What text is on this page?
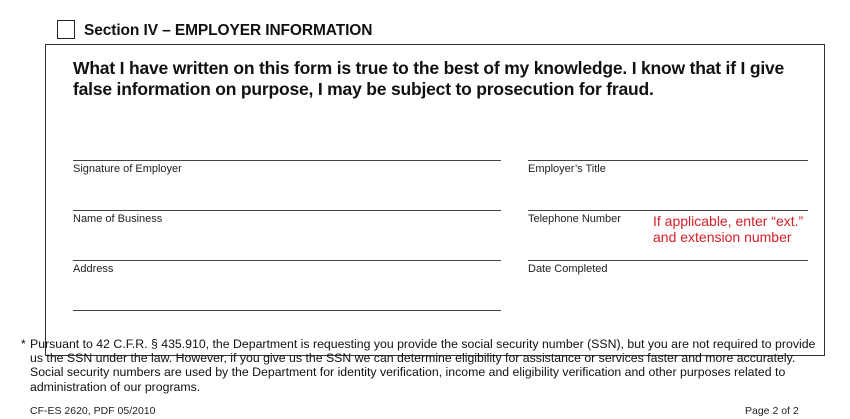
Section IV – EMPLOYER INFORMATION
What I have written on this form is true to the best of my knowledge. I know that if I give false information on purpose, I may be subject to prosecution for fraud.
Signature of Employer	Employer’s Title
Name of Business	Telephone Number If applicable, enter “ext.” and extension number
Address	Date Completed
* Pursuant to 42 C.F.R. § 435.910, the Department is requesting you provide the social security number (SSN), but you are not required to provide us the SSN under the law. However, if you give us the SSN we can determine eligibility for assistance or services faster and more accurately. Social security numbers are used by the Department for identity verification, income and eligibility verification and other purposes related to administration of our programs.
CF-ES 2620, PDF 05/2010	Page 2 of 2
